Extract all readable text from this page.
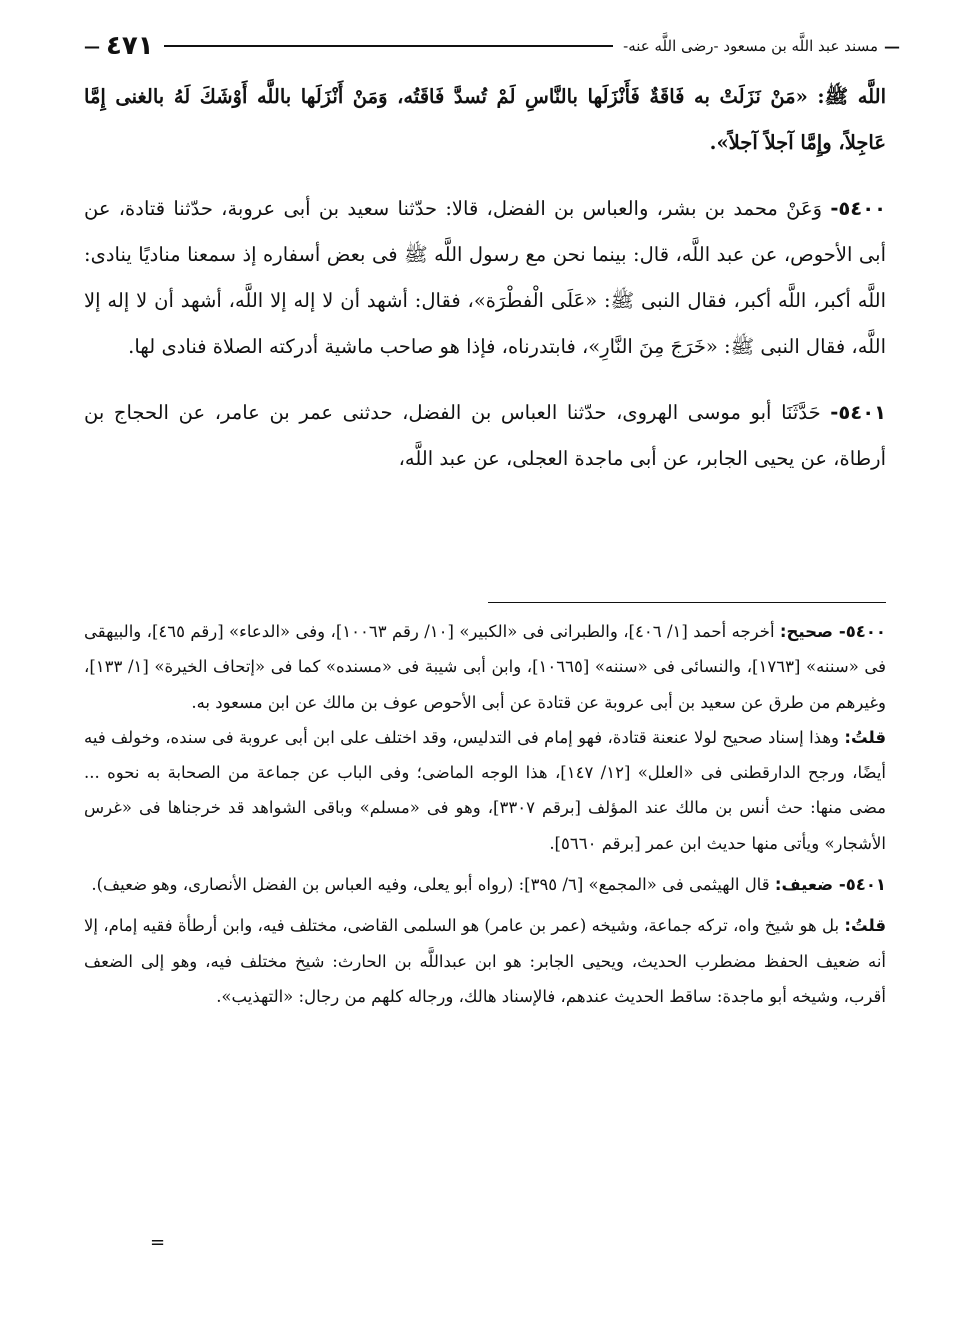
—
مسند عبد اللَّه بن مسعود -رضى اللَّه عنه-
٤٧١
—

اللَّه ﷺ: «مَنْ نَزَلَتْ به فَاقَةٌ فَأَنْزَلَها بالنَّاسِ لَمْ تُسدَّ فَاقَتُه، وَمَنْ أَنْزَلَها باللَّه أَوْشَكَ لَهُ بالغنى إِمَّا عَاجِلاً، وإِمَّا آجلاً آجلاً».

٥٤٠٠- وَعَنْ محمد بن بشر، والعباس بن الفضل، قالا: حدّثنا سعيد بن أبى عروبة، حدّثنا قتادة، عن أبى الأحوص، عن عبد اللَّه، قال: بينما نحن مع رسول اللَّه ﷺ فى بعض أسفاره إذ سمعنا مناديًا ينادى: اللَّه أكبر، اللَّه أكبر، فقال النبى ﷺ: «عَلَى الْفطْرَة»، فقال: أشهد أن لا إله إلا اللَّه، أشهد أن لا إله إلا اللَّه، فقال النبى ﷺ: «خَرَجَ مِنَ النَّارِ»، فابتدرناه، فإذا هو صاحب ماشية أدركته الصلاة فنادى لها.

٥٤٠١- حَدَّثَنَا أبو موسى الهروى، حدّثنا العباس بن الفضل، حدثنى عمر بن عامر، عن الحجاج بن أرطاة، عن يحيى الجابر، عن أبى ماجدة العجلى، عن عبد اللَّه،

٥٤٠٠- صحيح: أخرجه أحمد [١/ ٤٠٦]، والطبرانى فى «الكبير» [١٠/ رقم ١٠٠٦٣]، وفى «الدعاء» [رقم ٤٦٥]، والبيهقى فى «سننه» [١٧٦٣]، والنسائى فى «سننه» [١٠٦٦٥]، وابن أبى شيبة فى «مسنده» كما فى «إتحاف الخيرة» [١/ ١٣٣]، وغيرهم من طرق عن سعيد بن أبى عروبة عن قتادة عن أبى الأحوص عوف بن مالك عن ابن مسعود به.

قلتُ: وهذا إسناد صحيح لولا عنعنة قتادة، فهو إمام فى التدليس، وقد اختلف على ابن أبى عروبة فى سنده، وخولف فيه أيضًا، ورجح الدارقطنى فى «العلل» [١٢/ ١٤٧]، هذا الوجه الماضى؛ وفى الباب عن جماعة من الصحابة به نحوه ... مضى منها: حث أنس بن مالك عند المؤلف [برقم ٣٣٠٧]، وهو فى «مسلم» وباقى الشواهد قد خرجناها فى «غرس الأشجار» ويأتى منها حديث ابن عمر [برقم ٥٦٦٠].

٥٤٠١- ضعيف: قال الهيثمى فى «المجمع» [٦/ ٣٩٥]: (رواه أبو يعلى، وفيه العباس بن الفضل الأنصارى، وهو ضعيف).

قلتُ: بل هو شيخ واه، تركه جماعة، وشيخه (عمر بن عامر) هو السلمى القاضى، مختلف فيه، وابن أرطأة فقيه إمام، إلا أنه ضعيف الحفظ مضطرب الحديث، ويحيى الجابر: هو ابن عبداللَّه بن الحارث: شيخ مختلف فيه، وهو إلى الضعف أقرب، وشيخه أبو ماجدة: ساقط الحديث عندهم، فالإسناد هالك، ورجاله كلهم من رجال: «التهذيب».

=
